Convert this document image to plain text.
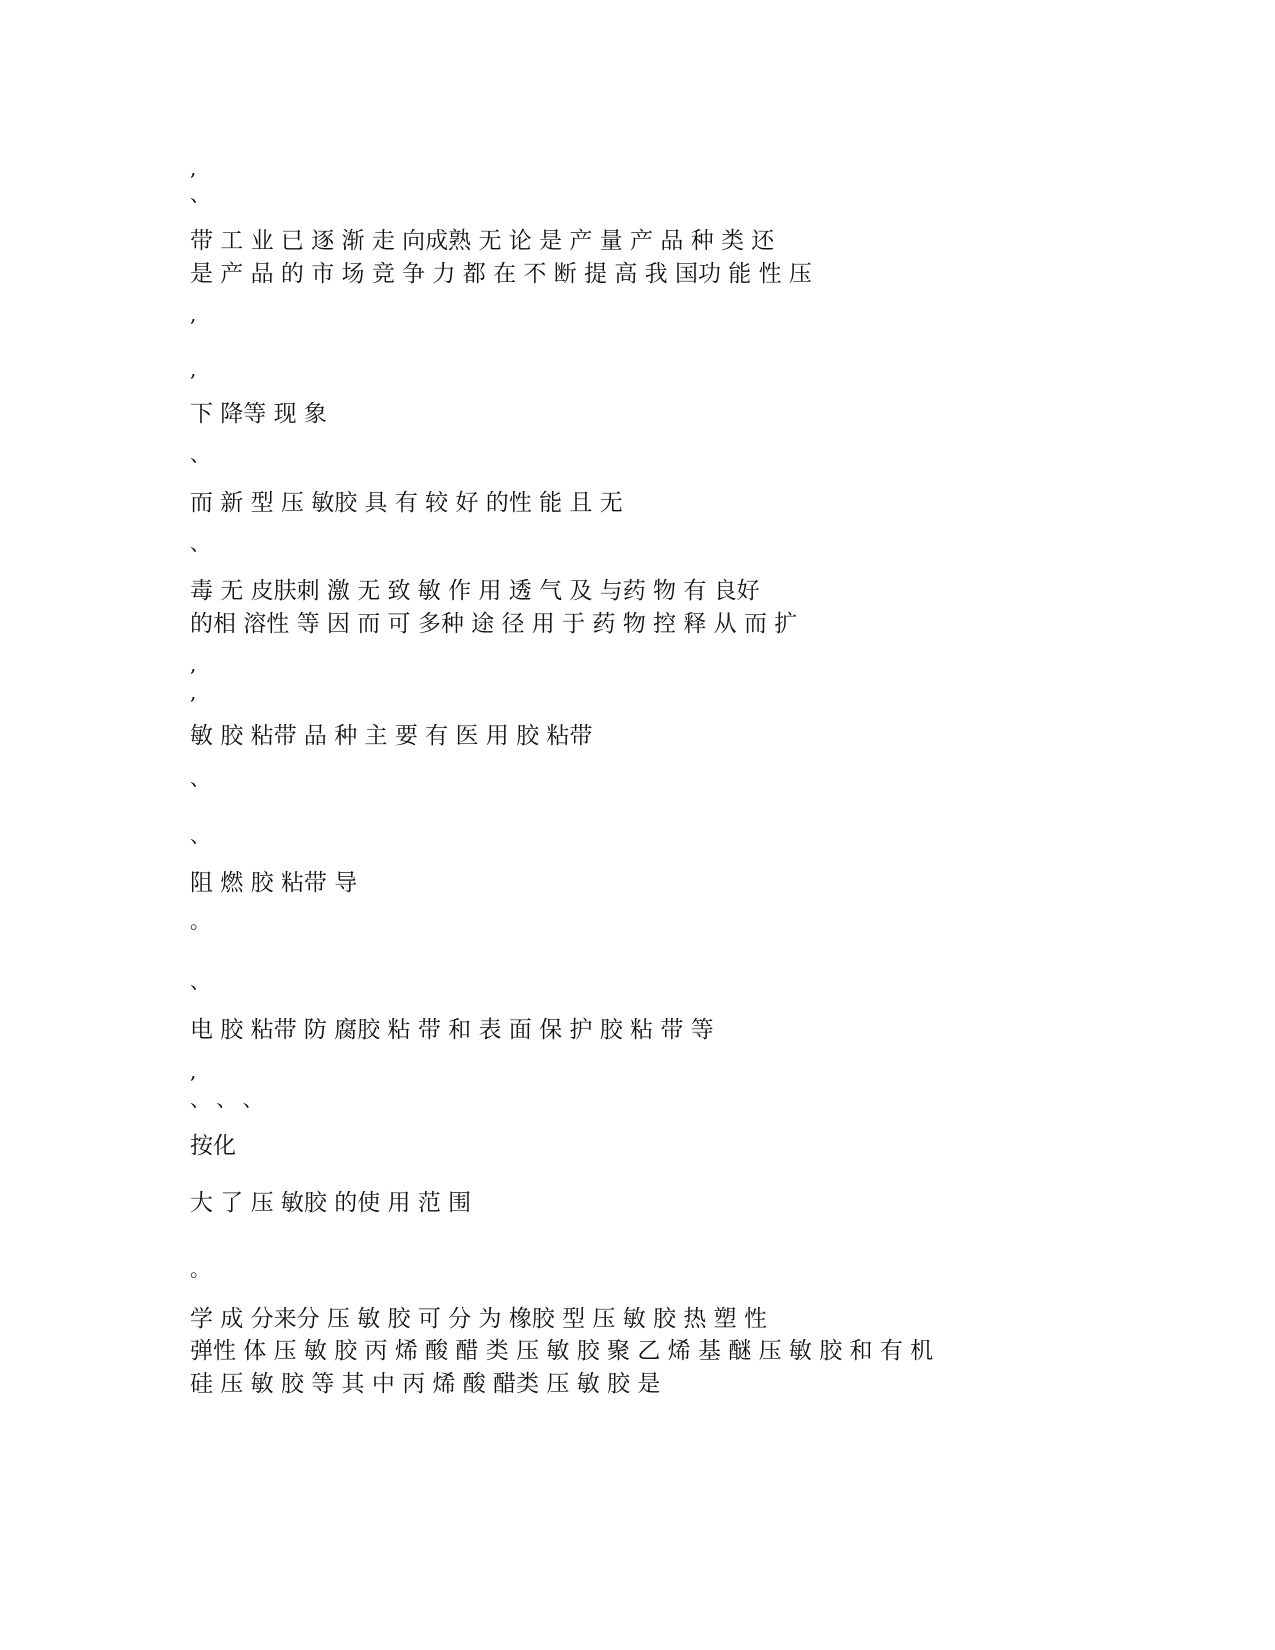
,
、
带 工 业 已 逐 渐 走 向成熟 无 论 是 产 量 产 品 种 类 还
是 产 品 的 市 场 竞 争 力 都 在 不 断 提 高 我 国功 能 性 压
,
,
下 降等 现 象
、
而 新 型 压 敏胶 具 有 较 好 的性 能 且 无
、
毒 无 皮肤刺 激 无 致 敏 作 用 透 气 及 与药 物 有 良好
的相 溶性 等 因 而 可 多种 途 径 用 于 药 物 控 释 从 而 扩
,
,
敏 胶 粘带 品 种 主 要 有 医 用 胶 粘带
、
、
阻 燃 胶 粘带 导
。
、
电 胶 粘带 防 腐胶 粘 带 和 表 面 保 护 胶 粘 带 等
,
、 、 、
按化
大 了 压 敏胶 的使 用 范 围
。
学 成 分来分 压 敏 胶 可 分 为 橡胶 型 压 敏 胶 热 塑 性
弹性 体 压 敏 胶 丙 烯 酸 醋 类 压 敏 胶 聚 乙 烯 基 醚 压 敏 胶 和 有 机
硅 压 敏 胶 等 其 中 丙 烯 酸 醋类 压 敏 胶 是
